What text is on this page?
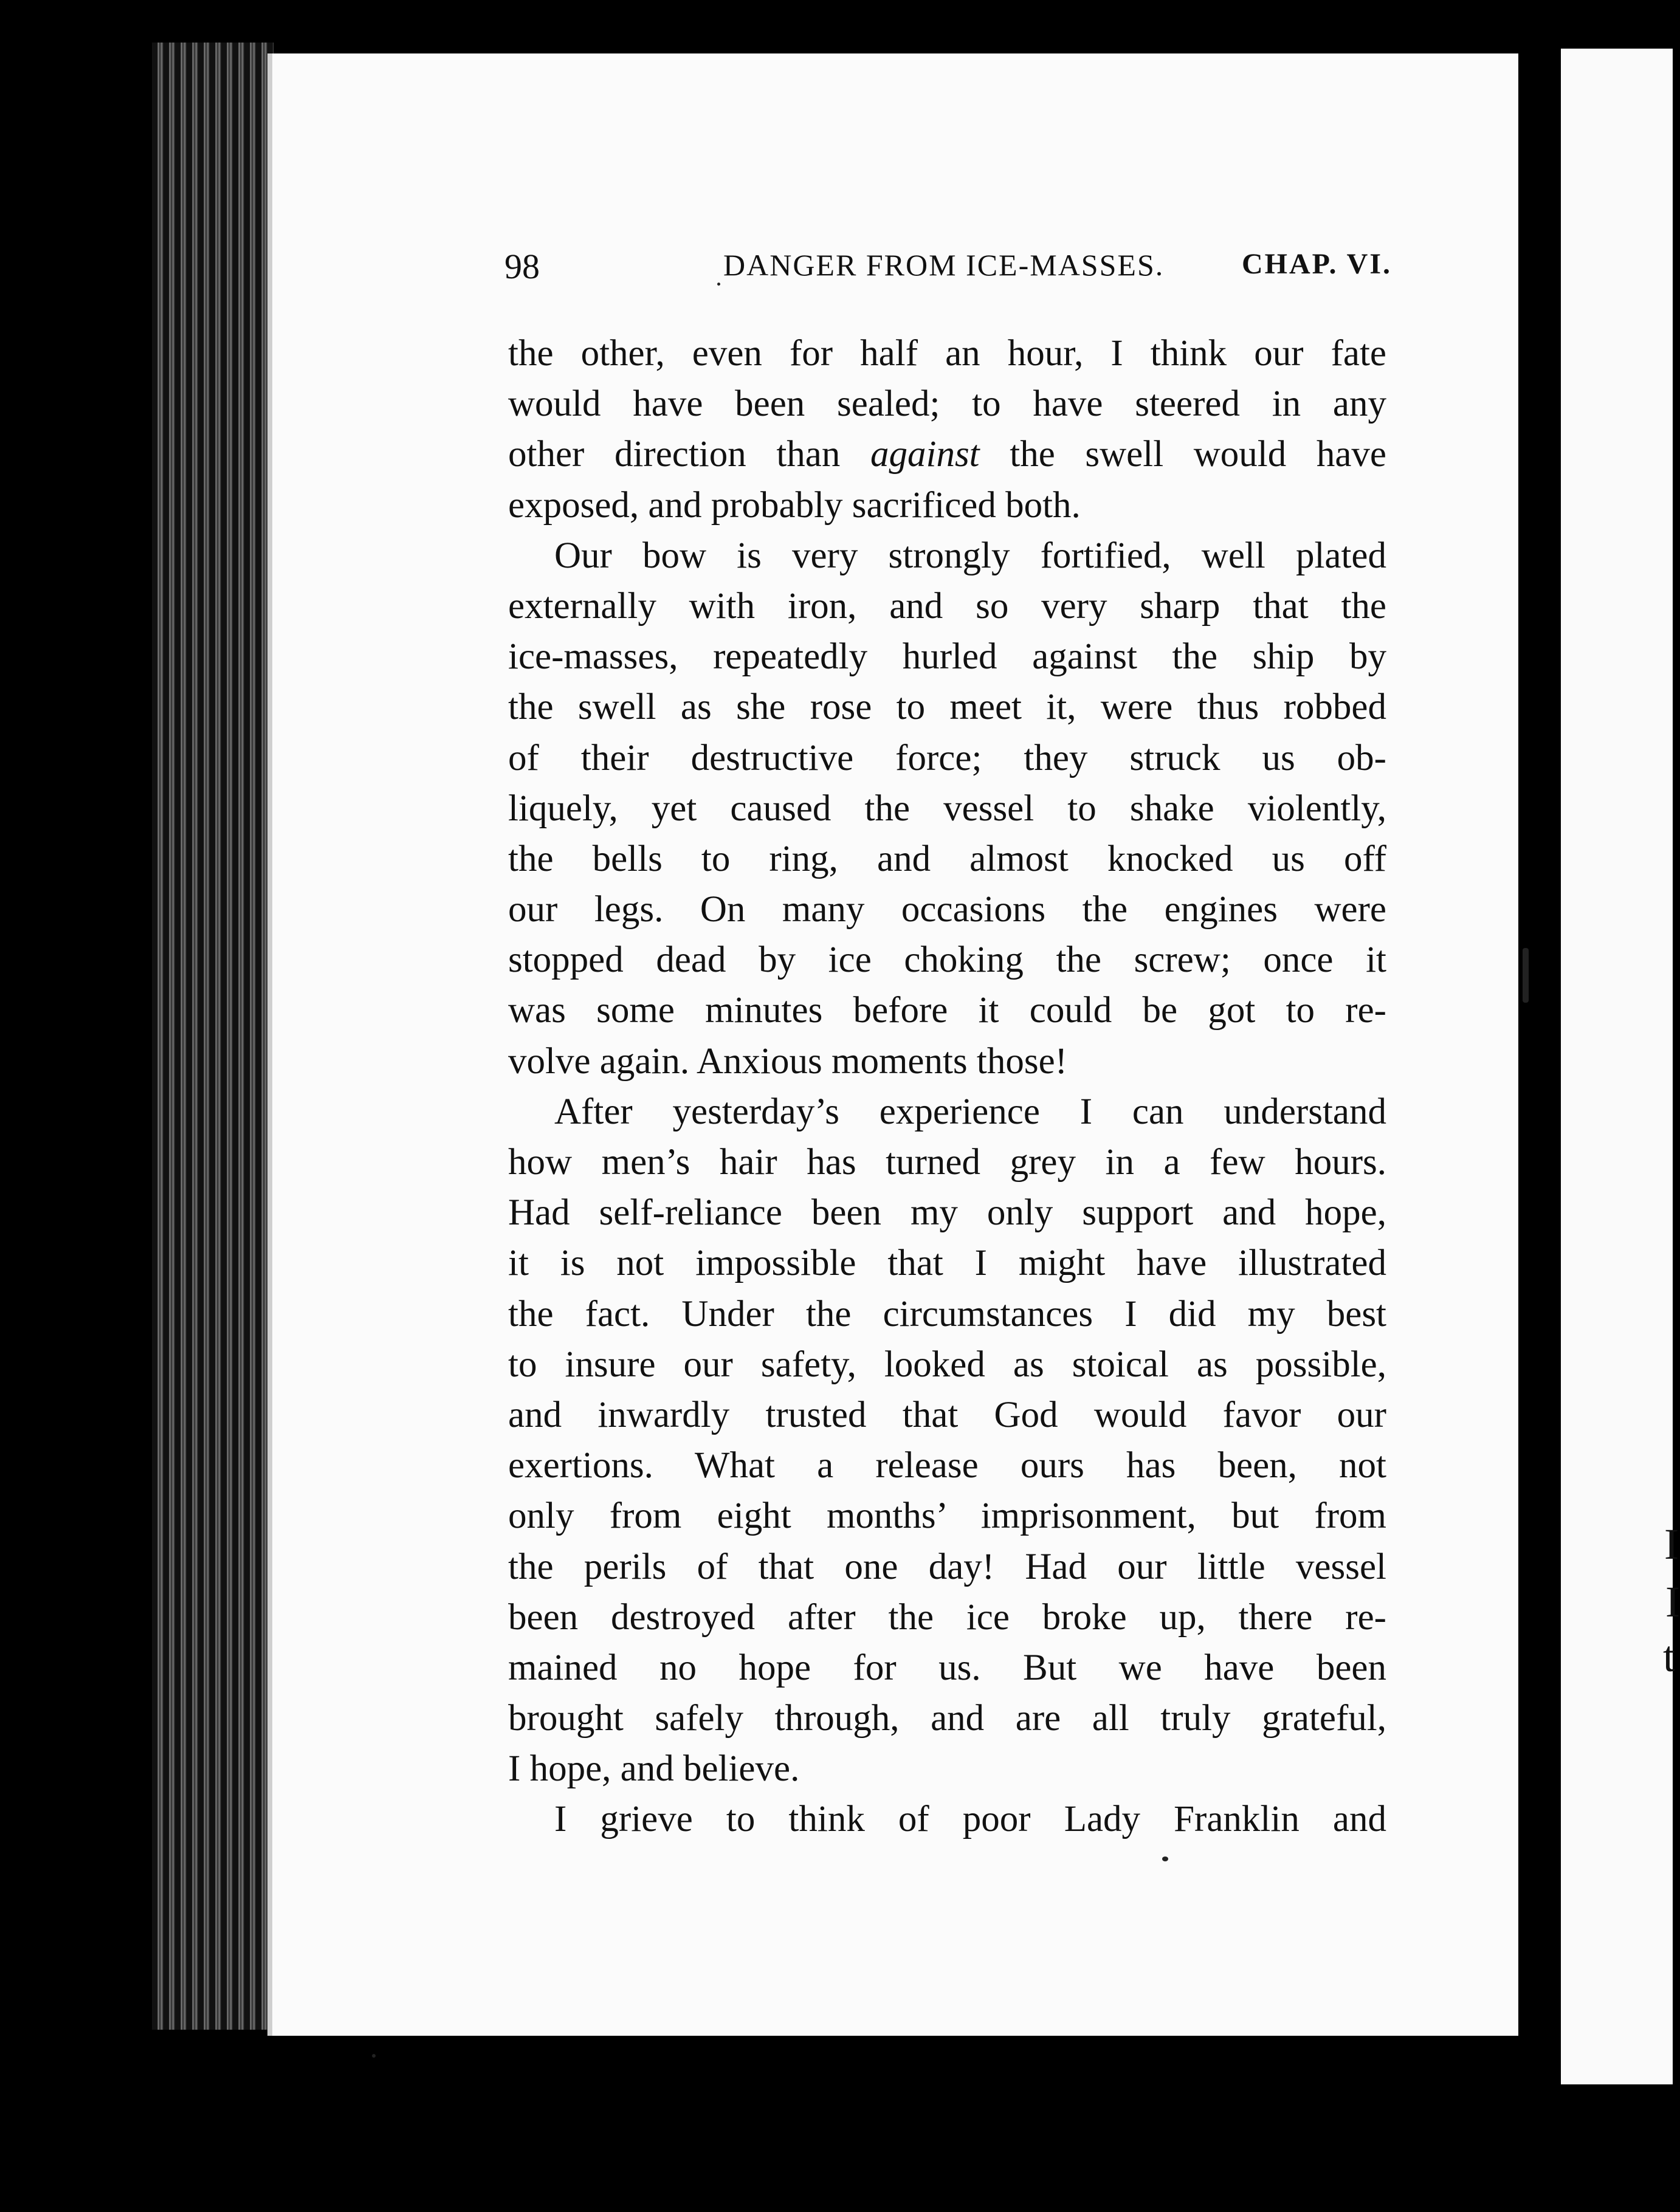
I
I
t
98	DANGER FROM ICE-MASSES.	CHAP. VI.
the other, even for half an hour, I think our fate
would have been sealed; to have steered in any
other direction than against the swell would have
exposed, and probably sacrificed both.
Our bow is very strongly fortified, well plated
externally with iron, and so very sharp that the
ice-masses, repeatedly hurled against the ship by
the swell as she rose to meet it, were thus robbed
of their destructive force; they struck us ob-
liquely, yet caused the vessel to shake violently,
the bells to ring, and almost knocked us off
our legs. On many occasions the engines were
stopped dead by ice choking the screw; once it
was some minutes before it could be got to re-
volve again. Anxious moments those!
After yesterday’s experience I can understand
how men’s hair has turned grey in a few hours.
Had self-reliance been my only support and hope,
it is not impossible that I might have illustrated
the fact. Under the circumstances I did my best
to insure our safety, looked as stoical as possible,
and inwardly trusted that God would favor our
exertions. What a release ours has been, not
only from eight months’ imprisonment, but from
the perils of that one day! Had our little vessel
been destroyed after the ice broke up, there re-
mained no hope for us. But we have been
brought safely through, and are all truly grateful,
I hope, and believe.
I grieve to think of poor Lady Franklin and
